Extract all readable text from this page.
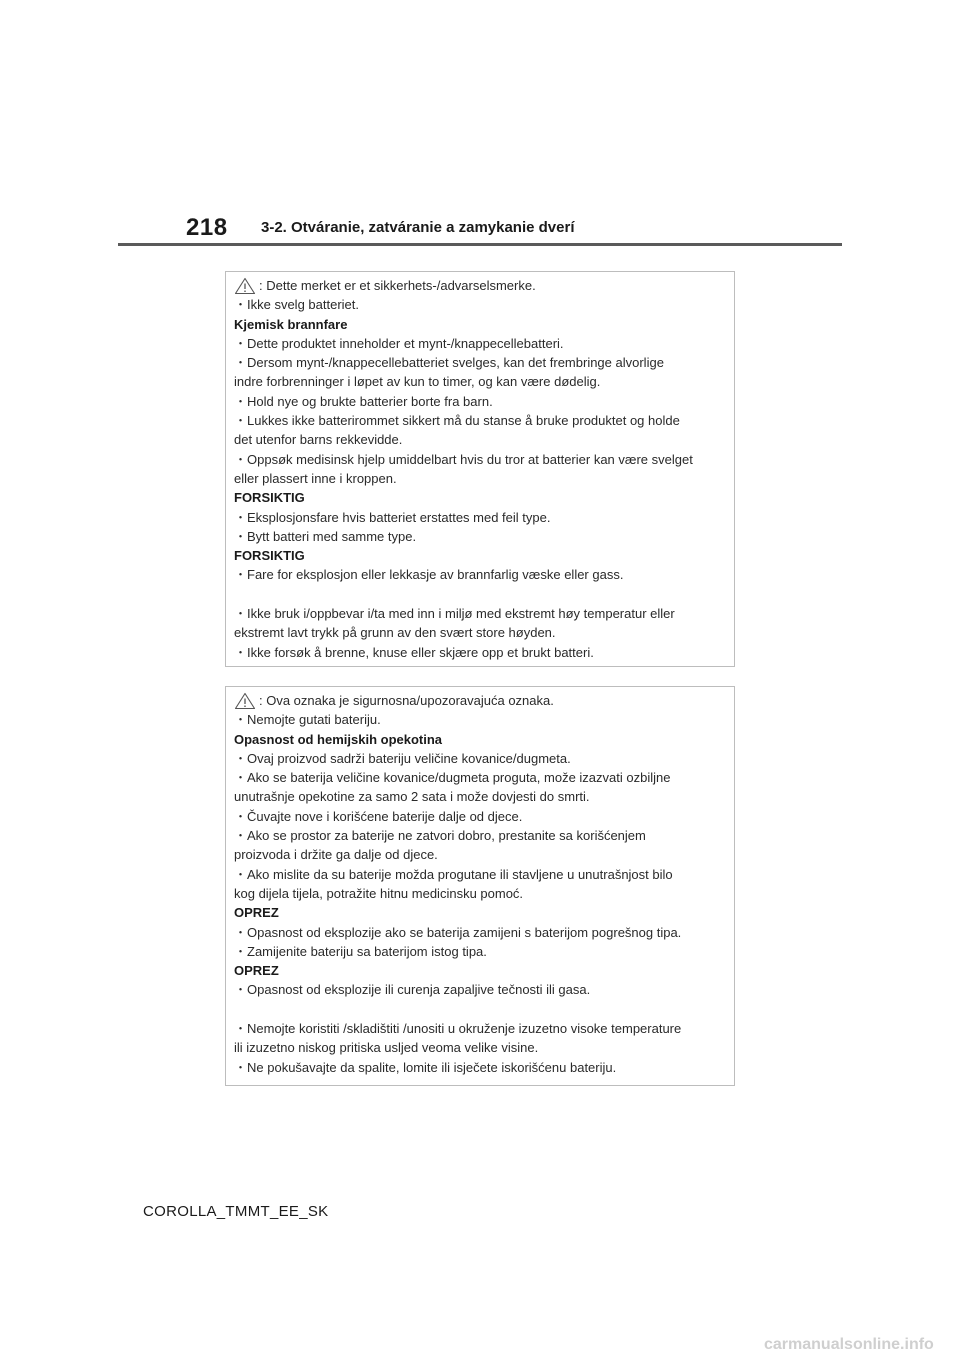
218 3-2. Otváranie, zatváranie a zamykanie dverí
: Dette merket er et sikkerhets-/advarselsmerke.
・Ikke svelg batteriet.
Kjemisk brannfare
・Dette produktet inneholder et mynt-/knappecellebatteri.
・Dersom mynt-/knappecellebatteriet svelges, kan det frembringe alvorlige
indre forbrenninger i løpet av kun to timer, og kan være dødelig.
・Hold nye og brukte batterier borte fra barn.
・Lukkes ikke batterirommet sikkert må du stanse å bruke produktet og holde
det utenfor barns rekkevidde.
・Oppsøk medisinsk hjelp umiddelbart hvis du tror at batterier kan være svelget
eller plassert inne i kroppen.
FORSIKTIG
・Eksplosjonsfare hvis batteriet erstattes med feil type.
・Bytt batteri med samme type.
FORSIKTIG
・Fare for eksplosjon eller lekkasje av brannfarlig væske eller gass.
・Ikke bruk i/oppbevar i/ta med inn i miljø med ekstremt høy temperatur eller
ekstremt lavt trykk på grunn av den svært store høyden.
・Ikke forsøk å brenne, knuse eller skjære opp et brukt batteri.
: Ova oznaka je sigurnosna/upozoravajuća oznaka.
・Nemojte gutati bateriju.
Opasnost od hemijskih opekotina
・Ovaj proizvod sadrži bateriju veličine kovanice/dugmeta.
・Ako se baterija veličine kovanice/dugmeta proguta, može izazvati ozbiljne
unutrašnje opekotine za samo 2 sata i može dovjesti do smrti.
・Čuvajte nove i korišćene baterije dalje od djece.
・Ako se prostor za baterije ne zatvori dobro, prestanite sa korišćenjem
proizvoda i držite ga dalje od djece.
・Ako mislite da su baterije možda progutane ili stavljene u unutrašnjost bilo
kog dijela tijela, potražite hitnu medicinsku pomoć.
OPREZ
・Opasnost od eksplozije ako se baterija zamijeni s baterijom pogrešnog tipa.
・Zamijenite bateriju sa baterijom istog tipa.
OPREZ
・Opasnost od eksplozije ili curenja zapaljive tečnosti ili gasa.
・Nemojte koristiti /skladištiti /unositi u okruženje izuzetno visoke temperature
ili izuzetno niskog pritiska usljed veoma velike visine.
・Ne pokušavajte da spalite, lomite ili isječete iskorišćenu bateriju.
COROLLA_TMMT_EE_SK
carmanualsonline.info
